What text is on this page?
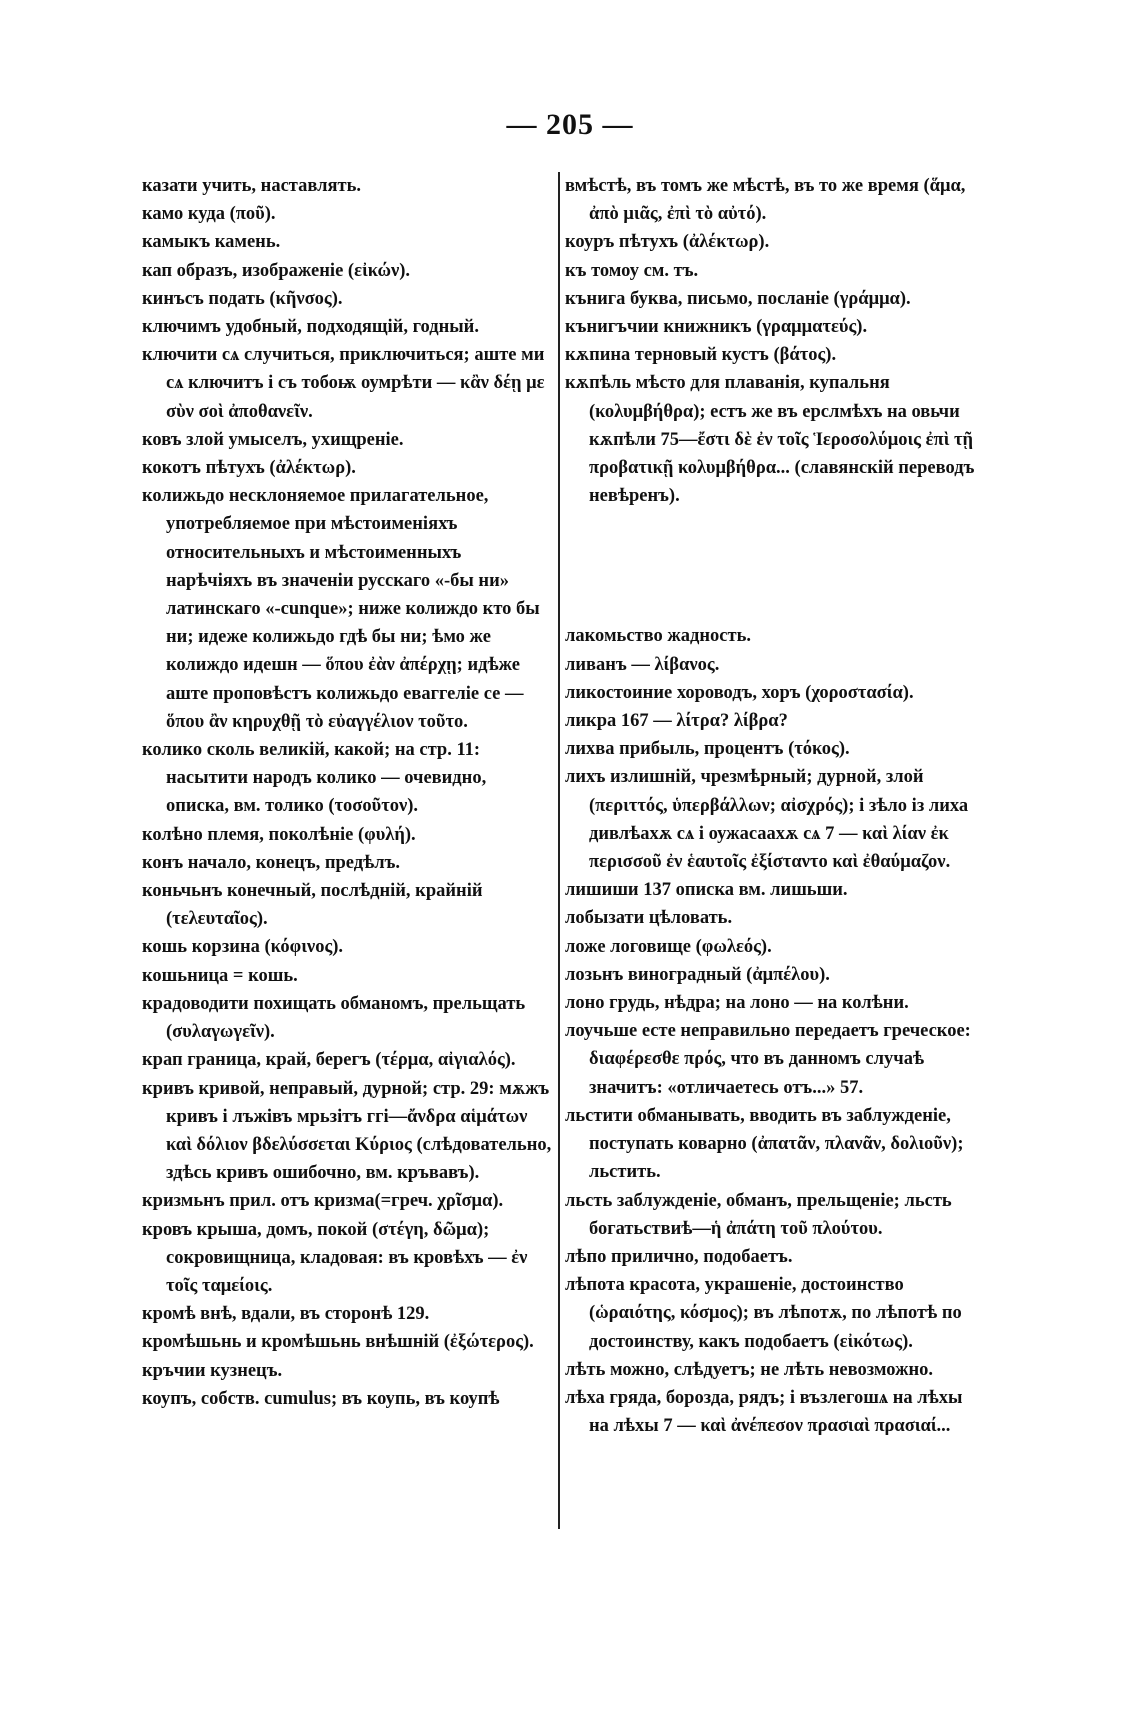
— 205 —
казати учить, наставлять.
камо куда (ποῦ).
камыкъ камень.
кап образъ, изображеніе (εἰκών).
кинъсъ подать (κῆνσος).
ключимъ удобный, подходящій, годный.
ключити сѧ случиться, приключиться; аште ми сѧ ключитъ і съ тобоѭ оумрѣти — κἂν δέῃ με σὺν σοὶ ἀποθανεῖν.
ковъ злой умыселъ, ухищреніе.
кокотъ пѣтухъ (ἀλέκτωρ).
колижьдо несклоняемое прилагательное, употребляемое при мѣстоименіяхъ относительныхъ и мѣстоименныхъ нарѣчіяхъ въ значеніи русскаго «-бы ни» латинскаго «-cunque»; ниже колиждо кто бы ни; идеже колижьдо гдѣ бы ни; ѣмо же колиждо идешн — ὅπου ἐὰν ἀπέρχῃ; идѣже аште проповѣстъ колижьдо еваггеліе се — ὅπου ἂν κηρυχθῇ τὸ εὐαγγέλιον τοῦτο.
колико сколь великій, какой; на стр. 11: насытити народъ колико — очевидно, описка, вм. толико (τοσοῦτον).
колѣно племя, поколѣніе (φυλή).
конъ начало, конецъ, предѣлъ.
коньчьнъ конечный, послѣдній, крайній (τελευταῖος).
кошь корзина (κόφινος).
кошьница = кошь.
крадоводити похищать обманомъ, прельщать (συλαγωγεῖν).
крап граница, край, берегъ (τέρμα, αἰγιαλός).
кривъ кривой, неправый, дурной; стр. 29: мѫжъ кривъ і лъжівъ мрьзітъ ггі—ἄνδρα αἱμάτων καὶ δόλιον βδελύσσεται Κύριος (слѣдовательно, здѣсь кривъ ошибочно, вм. кръвавъ).
кризмьнъ прил. отъ кризма(=греч. χρῖσμα).
кровъ крыша, домъ, покой (στέγη, δῶμα); сокровищница, кладовая: въ кровѣхъ — ἐν τοῖς ταμείοις.
кромѣ внѣ, вдали, въ сторонѣ 129.
кромѣшьнь и кромѣшьнь внѣшній (ἐξώτερος).
кръчии кузнецъ.
коупъ, собств. cumulus; въ коупь, въ коупѣ
вмѣстѣ, въ томъ же мѣстѣ, въ то же время (ἅμα, ἀπὸ μιᾶς, ἐπὶ τὸ αὐτό).
коуръ пѣтухъ (ἀλέκτωρ).
къ томоу см. тъ.
кънига буква, письмо, посланіе (γράμμα).
кънигъчии книжникъ (γραμματεύς).
кѫпина терновый кустъ (βάτος).
кѫпѣль мѣсто для плаванія, купальня (κολυμβήθρα); естъ же въ ерслмѣхъ на овьчи кѫпѣли 75—ἔστι δὲ ἐν τοῖς Ἱεροσολύμοις ἐπὶ τῇ προβατικῇ κολυμβήθρα... (славянскій переводъ невѣренъ).
лакомьство жадность.
ливанъ — λίβανος.
ликостоиние хороводъ, хоръ (χοροστασία).
ликра 167 — λίτρα? λίβρα?
лихва прибыль, процентъ (τόκος).
лихъ излишній, чрезмѣрный; дурной, злой (περιττός, ὑπερβάλλων; αἰσχρός); і зѣло із лиха дивлѣахѫ сѧ і оужасаахѫ сѧ 7 — καὶ λίαν ἐκ περισσοῦ ἐν ἑαυτοῖς ἐξίσταντο καὶ ἐθαύμαζον.
лишиши 137 описка вм. лишьши.
лобызати цѣловать.
ложе логовище (φωλεός).
лозьнъ виноградный (ἀμπέλου).
лоно грудь, нѣдра; на лоно — на колѣни.
лоучьше есте неправильно передаетъ греческое: διαφέρεσθε πρός, что въ данномъ случаѣ значитъ: «отличаетесь отъ...» 57.
льстити обманывать, вводить въ заблужденіе, поступать коварно (ἀπατᾶν, πλανᾶν, δολιοῦν); льстить.
льсть заблужденіе, обманъ, прельщеніе; льсть богатьствиѣ—ἡ ἀπάτη τοῦ πλούτου.
лѣпо прилично, подобаетъ.
лѣпота красота, украшеніе, достоинство (ὡραιότης, κόσμος); въ лѣпотѫ, по лѣпотѣ по достоинству, какъ подобаетъ (εἰκότως).
лѣть можно, слѣдуетъ; не лѣть невозможно.
лѣха гряда, борозда, рядъ; і възлегошѧ на лѣхы на лѣхы 7 — καὶ ἀνέπεσον πρασιαὶ πρασιαί...
